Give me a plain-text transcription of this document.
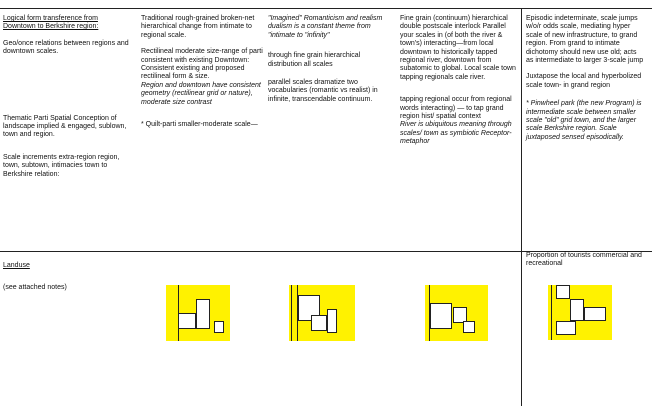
Logical form transference from Downtown to Berkshire region:

Geo/once relations between regions and downtown scales.

Thematic Parti Spatial Conception of landscape implied & engaged, sublown, town and region.

Scale increments extra-region region, town, subtown, intimacies town to Berkshire relation:

Traditional rough-grained broken-net hierarchical change from intimate to regional scale.

Rectilineal moderate size-range of parti consistent with existing Downtown: Consistent existing and proposed rectilineal form & size.

Region and downtown have consistent geometry (rectilinear grid or nature), moderate size contrast

* Quilt-parti smaller-moderate scale—

"Imagined" Romanticism and realism dualism is a constant theme from "intimate to "infinity"

through fine grain hierarchical distribution all scales

parallel scales dramatize two vocabularies (romantic vs realist) in infinite, transcendable continuum.

Fine grain (continuum) hierarchical double postscale interlock Parallel your scales in (of both the river & town's) interacting—from local downtown to historically tapped regional river, downtown from subatomic to global. Local scale town tapping regionals cale river.

tapping regional occur from regional words interacting) — to tap grand region hist/ spatial context

River is ubiquitous meaning through scales/ town as symbiotic Receptor-metaphor

Episodic indeterminate, scale jumps w/o/r odds scale, mediating hyper scale of new infrastructure, to grand region. From grand to intimate dichotomy should new use old; acts as intermediate to larger 3-scale jump

Juxtapose the local and hyperbolized scale town- in grand region

* Pinwheel park (the new Program) is intermediate scale between smaller scale "old" grid town, and the larger scale Berkshire region. Scale juxtaposed sensed episodically.

Landuse
(see attached notes)
Proportion of tourists commercial and recreational
